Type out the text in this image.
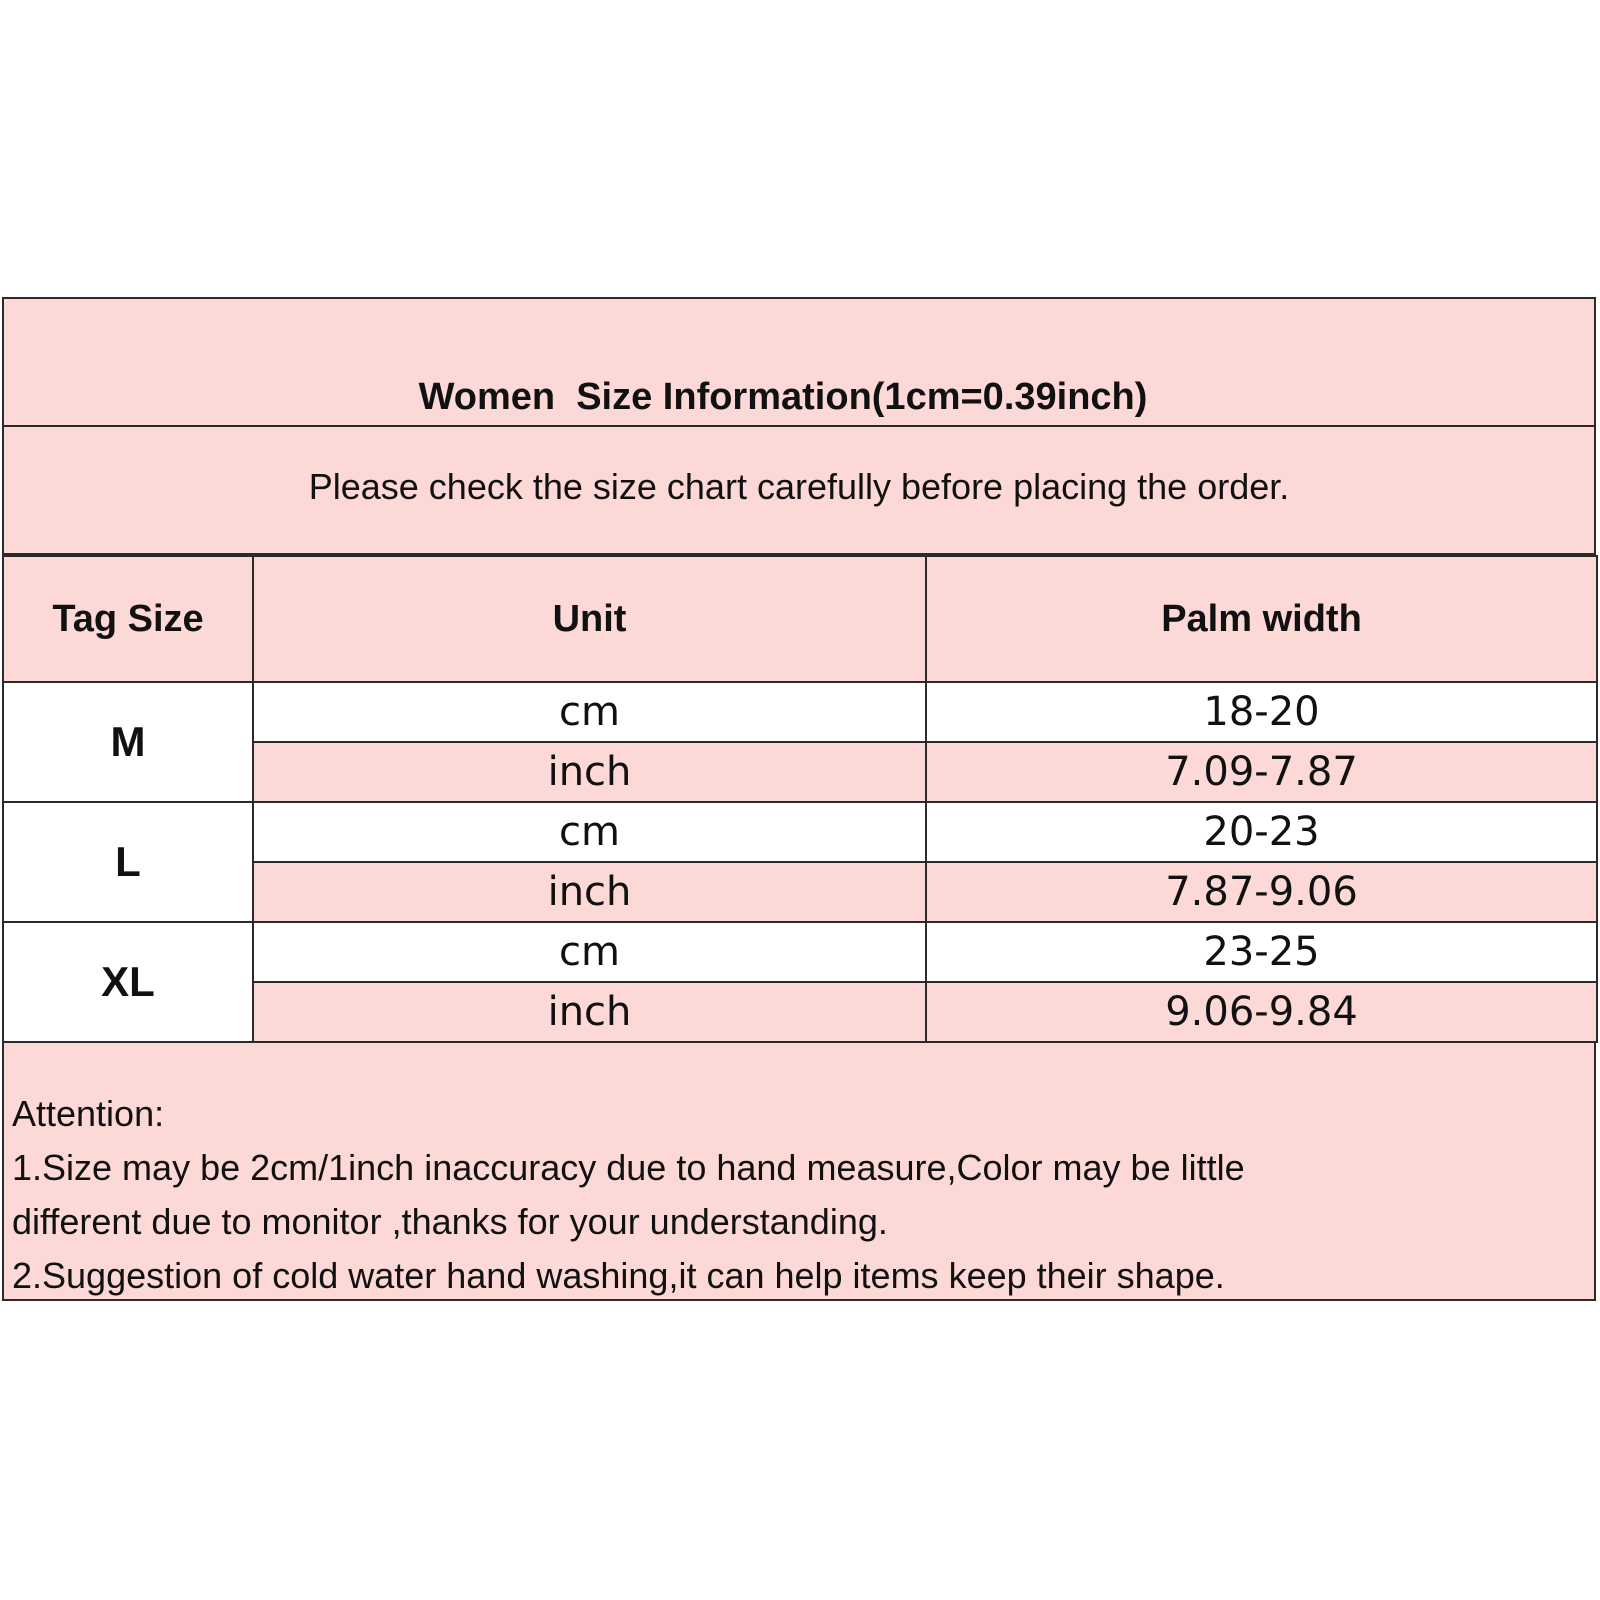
Women  Size Information(1cm=0.39inch)
Please check the size chart carefully before placing the order.
Tag Size	Unit	Palm width
M	cm	18-20
	inch	7.09-7.87
L	cm	20-23
	inch	7.87-9.06
XL	cm	23-25
	inch	9.06-9.84
Attention:
1.Size may be 2cm/1inch inaccuracy due to hand measure,Color may be little
different due to monitor ,thanks for your understanding.
2.Suggestion of cold water hand washing,it can help items keep their shape.
